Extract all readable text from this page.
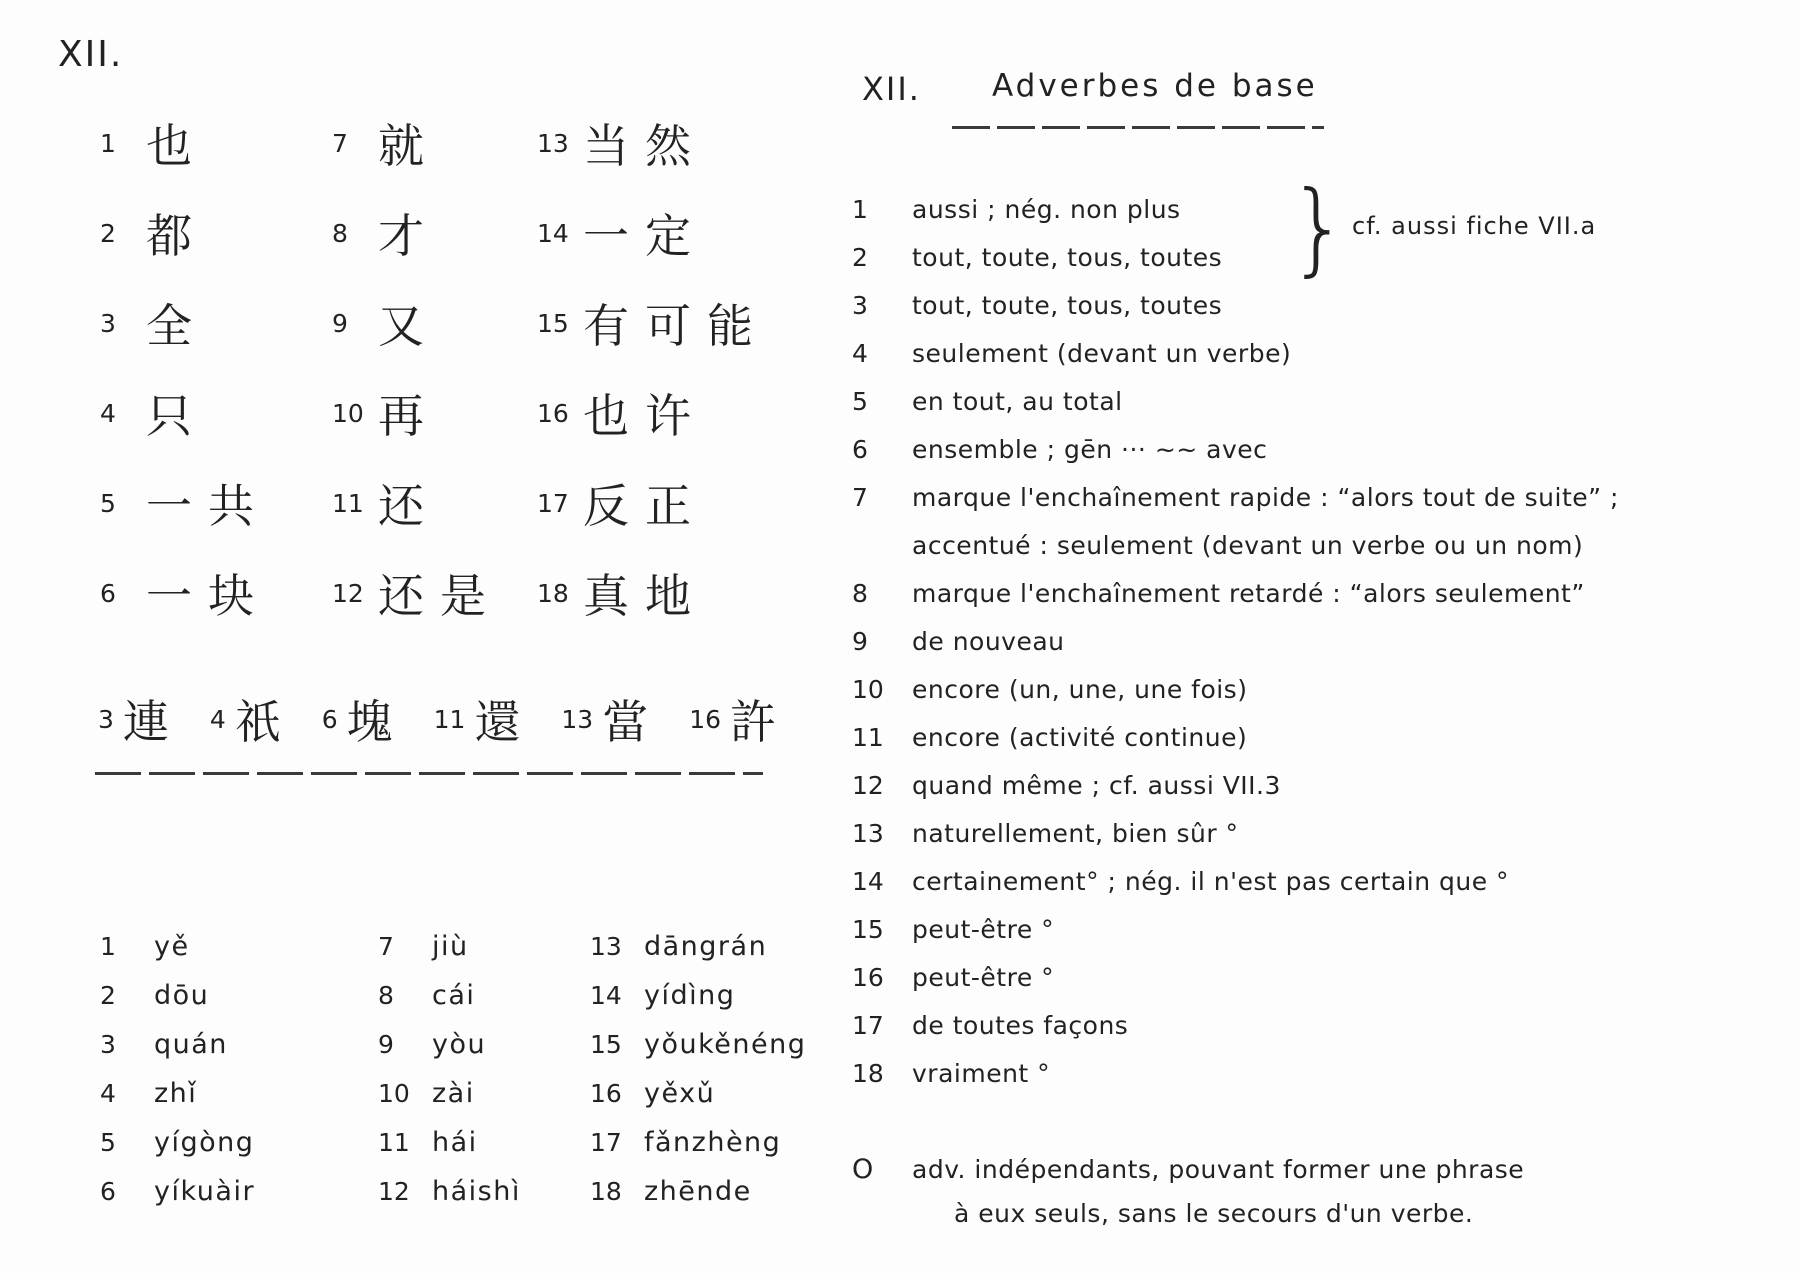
XII.
1 也
2 都
3 全
4 只
5 一共
6 一块
7 就
8 才
9 又
10 再
11 还
12 还是
13 当然
14 一定
15 有可能
16 也许
17 反正
18 真地
3 連 4 祇 6 塊 11 還 13 當 16 許
1	yě
2	dōu
3	quán
4	zhǐ
5	yígòng
6	yíkuàir
7	jiù
8	cái
9	yòu
10 zài
11 hái
12 háishì
13 dāngrán
14 yídìng
15 yǒukěnéng
16 yěxǔ
17 fǎnzhèng
18 zhēnde
XII. Adverbes de base
1	aussi ; nég. non plus
2	tout, toute, tous, toutes
3	tout, toute, tous, toutes
4	seulement (devant un verbe)
5	en tout, au total
6	ensemble ; gēn ··· ~~ avec
7	marque l'enchaînement rapide : “alors tout de suite” ;
accentué : seulement (devant un verbe ou un nom)
8	marque l'enchaînement retardé : “alors seulement”
9	de nouveau
10	encore (un, une, une fois)
11	encore (activité continue)
12	quand même ; cf. aussi VII.3
13	naturellement, bien sûr °
14	certainement° ; nég. il n'est pas certain que °
15	peut-être °
16	peut-être °
17	de toutes façons
18	vraiment °
} cf. aussi fiche VII.a
O	adv. indépendants, pouvant former une phrase
à eux seuls, sans le secours d'un verbe.
